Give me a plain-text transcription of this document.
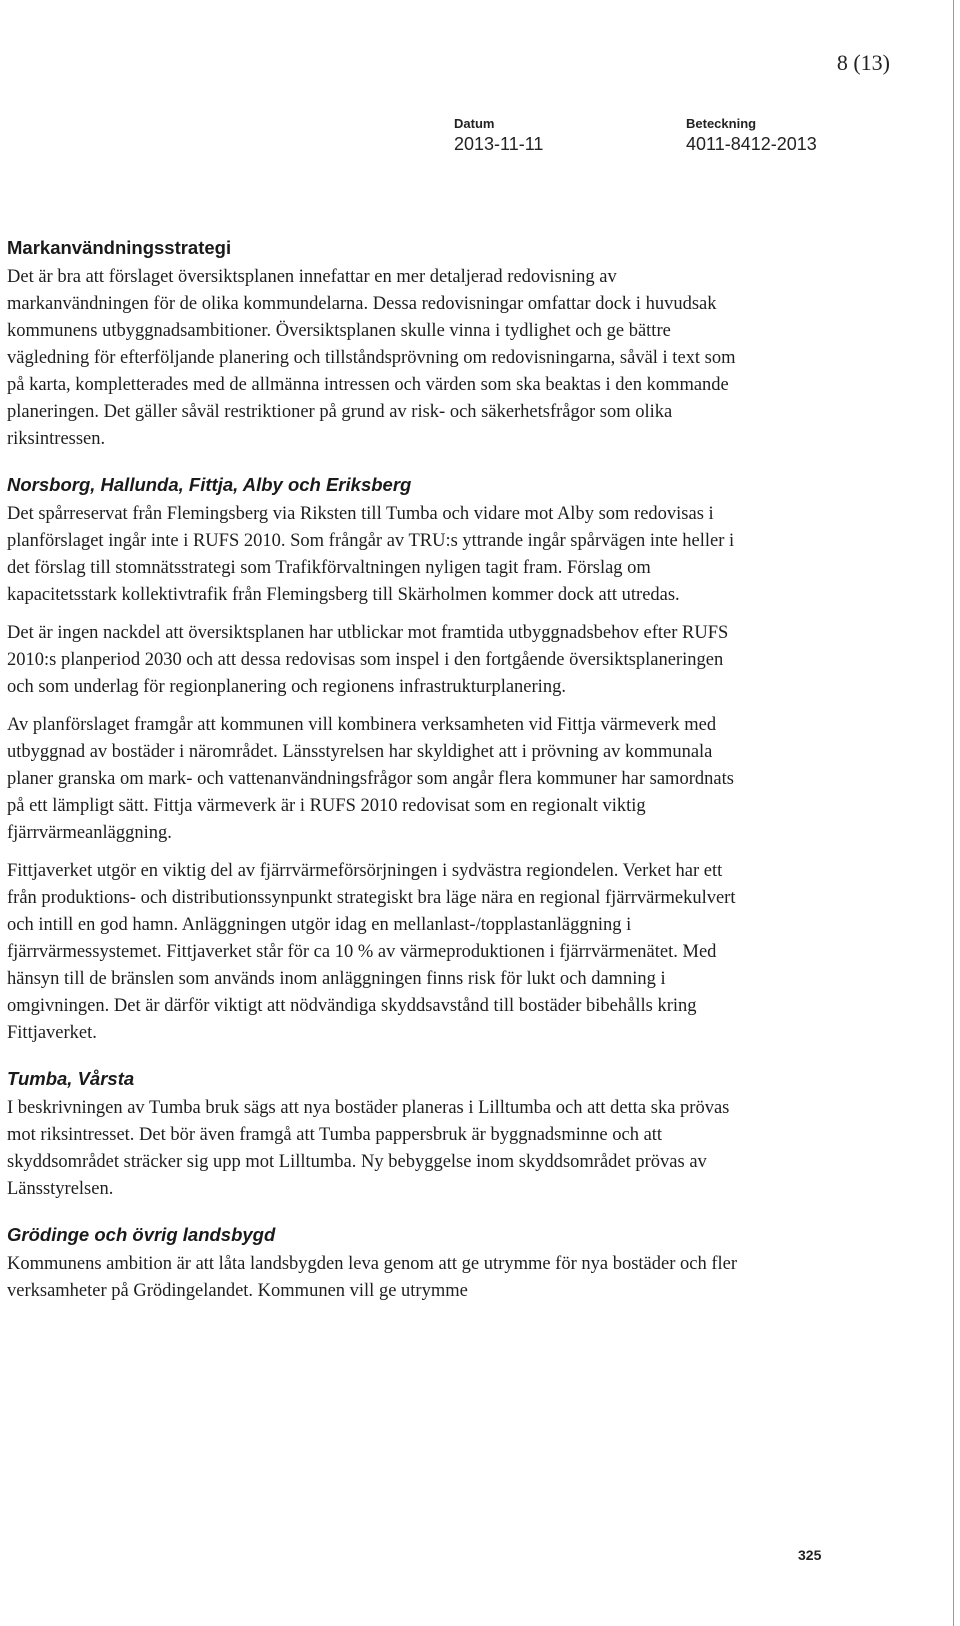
8 (13)
Datum
2013-11-11
Beteckning
4011-8412-2013
Markanvändningsstrategi

Det är bra att förslaget översiktsplanen innefattar en mer detaljerad redovisning av markanvändningen för de olika kommundelarna. Dessa redovisningar omfattar dock i huvudsak kommunens utbyggnadsambitioner. Översiktsplanen skulle vinna i tydlighet och ge bättre vägledning för efterföljande planering och tillståndsprövning om redovisningarna, såväl i text som på karta, kompletterades med de allmänna intressen och värden som ska beaktas i den kommande planeringen. Det gäller såväl restriktioner på grund av risk- och säkerhetsfrågor som olika riksintressen.

Norsborg, Hallunda, Fittja, Alby och Eriksberg

Det spårreservat från Flemingsberg via Riksten till Tumba och vidare mot Alby som redovisas i planförslaget ingår inte i RUFS 2010. Som frångår av TRU:s yttrande ingår spårvägen inte heller i det förslag till stomnätsstrategi som Trafikförvaltningen nyligen tagit fram. Förslag om kapacitetsstark kollektivtrafik från Flemingsberg till Skärholmen kommer dock att utredas.

Det är ingen nackdel att översiktsplanen har utblickar mot framtida utbyggnadsbehov efter RUFS 2010:s planperiod 2030 och att dessa redovisas som inspel i den fortgående översiktsplaneringen och som underlag för regionplanering och regionens infrastrukturplanering.

Av planförslaget framgår att kommunen vill kombinera verksamheten vid Fittja värmeverk med utbyggnad av bostäder i närområdet. Länsstyrelsen har skyldighet att i prövning av kommunala planer granska om mark- och vattenanvändningsfrågor som angår flera kommuner har samordnats på ett lämpligt sätt. Fittja värmeverk är i RUFS 2010 redovisat som en regionalt viktig fjärrvärmeanläggning.

Fittjaverket utgör en viktig del av fjärrvärmeförsörjningen i sydvästra regiondelen. Verket har ett från produktions- och distributionssynpunkt strategiskt bra läge nära en regional fjärrvärmekulvert och intill en god hamn. Anläggningen utgör idag en mellanlast-/topplastanläggning i fjärrvärmessystemet. Fittjaverket står för ca 10 % av värmeproduktionen i fjärrvärmenätet. Med hänsyn till de bränslen som används inom anläggningen finns risk för lukt och damning i omgivningen. Det är därför viktigt att nödvändiga skyddsavstånd till bostäder bibehålls kring Fittjaverket.

Tumba, Vårsta

I beskrivningen av Tumba bruk sägs att nya bostäder planeras i Lilltumba och att detta ska prövas mot riksintresset. Det bör även framgå att Tumba pappersbruk är byggnadsminne och att skyddsområdet sträcker sig upp mot Lilltumba. Ny bebyggelse inom skyddsområdet prövas av Länsstyrelsen.

Grödinge och övrig landsbygd

Kommunens ambition är att låta landsbygden leva genom att ge utrymme för nya bostäder och fler verksamheter på Grödingelandet. Kommunen vill ge utrymme

325
